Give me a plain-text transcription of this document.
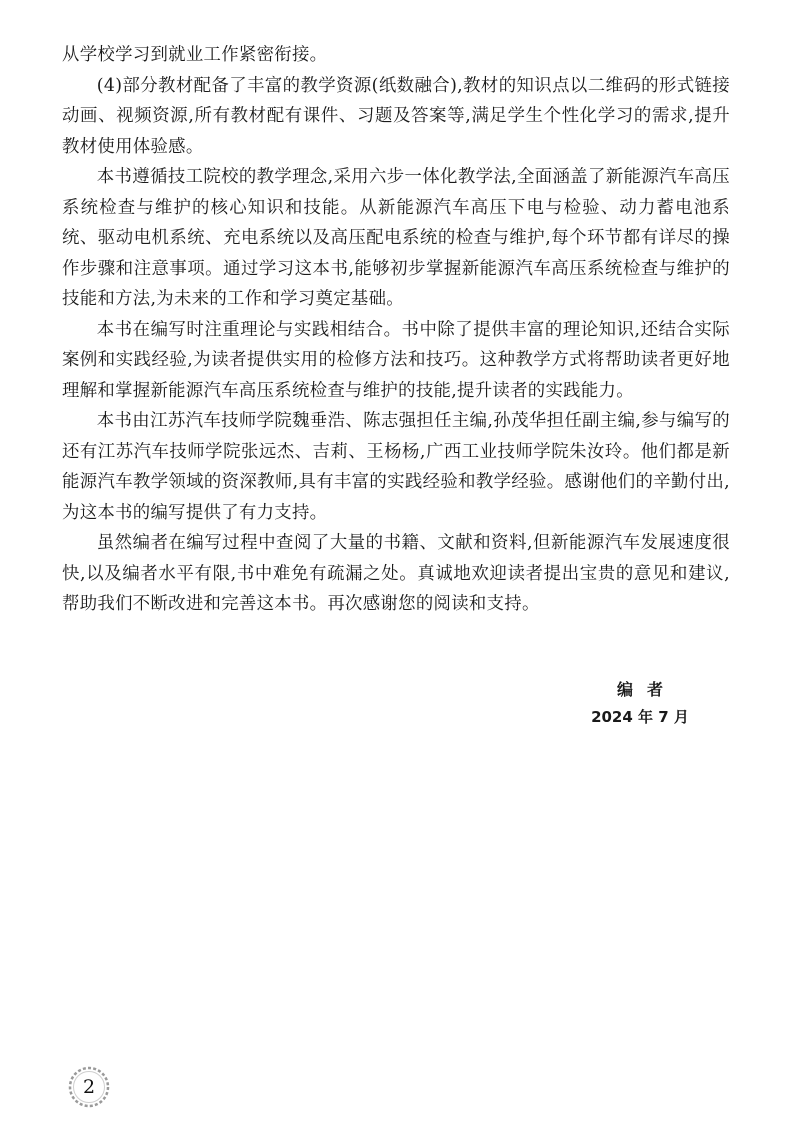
从学校学习到就业工作紧密衔接。

(4)部分教材配备了丰富的教学资源(纸数融合),教材的知识点以二维码的形式链接动画、视频资源,所有教材配有课件、习题及答案等,满足学生个性化学习的需求,提升教材使用体验感。

本书遵循技工院校的教学理念,采用六步一体化教学法,全面涵盖了新能源汽车高压系统检查与维护的核心知识和技能。从新能源汽车高压下电与检验、动力蓄电池系统、驱动电机系统、充电系统以及高压配电系统的检查与维护,每个环节都有详尽的操作步骤和注意事项。通过学习这本书,能够初步掌握新能源汽车高压系统检查与维护的技能和方法,为未来的工作和学习奠定基础。

本书在编写时注重理论与实践相结合。书中除了提供丰富的理论知识,还结合实际案例和实践经验,为读者提供实用的检修方法和技巧。这种教学方式将帮助读者更好地理解和掌握新能源汽车高压系统检查与维护的技能,提升读者的实践能力。

本书由江苏汽车技师学院魏垂浩、陈志强担任主编,孙茂华担任副主编,参与编写的还有江苏汽车技师学院张远杰、吉莉、王杨杨,广西工业技师学院朱汝玲。他们都是新能源汽车教学领域的资深教师,具有丰富的实践经验和教学经验。感谢他们的辛勤付出,为这本书的编写提供了有力支持。

虽然编者在编写过程中查阅了大量的书籍、文献和资料,但新能源汽车发展速度很快,以及编者水平有限,书中难免有疏漏之处。真诚地欢迎读者提出宝贵的意见和建议,帮助我们不断改进和完善这本书。再次感谢您的阅读和支持。

编者
2024 年 7 月
2
